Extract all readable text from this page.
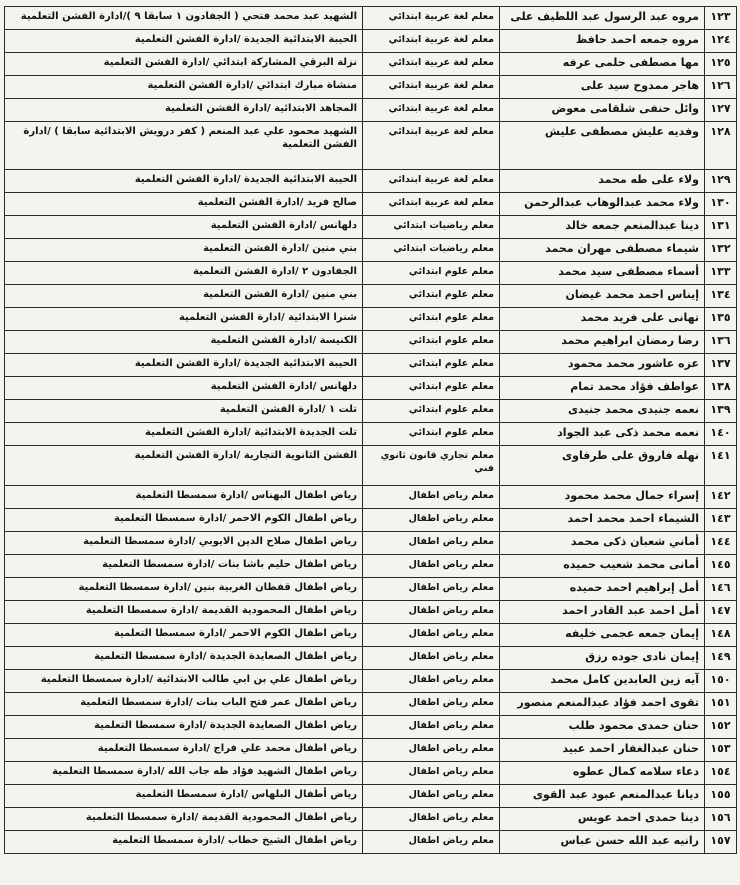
١٢٣	مروه عبد الرسول عبد اللطيف على	معلم لغة عربية ابتدائي	الشهيد عبد محمد فتحي ( الجفادون ١ سابقا ٩ )/ادارة الفشن التعلمية
١٢٤	مروه جمعه احمد حافظ	معلم لغة عربية ابتدائي	الحيبة الابتدائية الجديدة /ادارة الفشن التعلمية
١٢٥	مها مصطفى حلمى عرفه	معلم لغة عربية ابتدائي	نزلة البرقي المشاركة ابتدائي /ادارة الفشن التعلمية
١٢٦	هاجر ممدوح سيد على	معلم لغة عربية ابتدائي	منشاة مبارك ابتدائي /ادارة الفشن التعلمية
١٢٧	وائل حنفى شلقامى معوض	معلم لغة عربية ابتدائي	المجاهد الابتدائية /ادارة الفشن التعلمية
١٢٨	وفديه عليش مصطفى عليش	معلم لغة عربية ابتدائي	الشهيد محمود علي عبد المنعم ( كفر درويش الابتدائية سابقا ) /ادارة الفشن التعلمية
١٢٩	ولاء على طه محمد	معلم لغة عربية ابتدائي	الحيبة الابتدائية الجديدة /ادارة الفشن التعلمية
١٣٠	ولاء محمد عبدالوهاب عبدالرحمن	معلم لغة عربية ابتدائي	صالح فريد /ادارة الفشن التعلمية
١٣١	دينا عبدالمنعم جمعه خالد	معلم رياضيات ابتدائي	دلهانس /ادارة الفشن التعلمية
١٣٢	شيماء مصطفى مهران محمد	معلم رياضيات ابتدائي	بني منين /ادارة الفشن التعلمية
١٣٣	أسماء مصطفى سيد محمد	معلم علوم ابتدائي	الجفادون ٢ /ادارة الفشن التعلمية
١٣٤	إيناس احمد محمد غيضان	معلم علوم ابتدائي	بني منين /ادارة الفشن التعلمية
١٣٥	تهانى على فريد محمد	معلم علوم ابتدائي	شنرا الابتدائية /ادارة الفشن التعلمية
١٣٦	رضا رمضان ابراهيم محمد	معلم علوم ابتدائي	الكنيسة /ادارة الفشن التعلمية
١٣٧	عزه عاشور محمد محمود	معلم علوم ابتدائي	الحيبة الابتدائية الجديدة /ادارة الفشن التعلمية
١٣٨	عواطف فؤاد محمد تمام	معلم علوم ابتدائي	دلهانس /ادارة الفشن التعلمية
١٣٩	نعمه جنيدى محمد جنيدى	معلم علوم ابتدائي	تلت ١ /ادارة الفشن التعلمية
١٤٠	نعمه محمد ذكى عبد الجواد	معلم علوم ابتدائي	تلت الجديدة الابتدائية /ادارة الفشن التعلمية
١٤١	نهله فاروق على طرفاوى	معلم تجاري قانون ثانوي فني	الفشن الثانوية التجارية /ادارة الفشن التعلمية
١٤٢	إسراء جمال محمد محمود	معلم رياض اطفال	رياض اطفال البهناس /ادارة سمسطا التعلمية
١٤٣	الشيماء احمد محمد احمد	معلم رياض اطفال	رياض اطفال الكوم الاحمر /ادارة سمسطا التعلمية
١٤٤	أماني شعبان ذكى محمد	معلم رياض اطفال	رياض اطفال صلاح الدين الايوبي /ادارة سمسطا التعلمية
١٤٥	أمانى محمد شعيب حميده	معلم رياض اطفال	رياض اطفال حليم باشا بنات /ادارة سمسطا التعلمية
١٤٦	أمل إبراهيم احمد حميده	معلم رياض اطفال	رياض اطفال قفطان الغربية بنين /ادارة سمسطا التعلمية
١٤٧	أمل احمد عبد القادر احمد	معلم رياض اطفال	رياض اطفال المحمودية القديمة /ادارة سمسطا التعلمية
١٤٨	إيمان جمعه عجمى خليفه	معلم رياض اطفال	رياض اطفال الكوم الاحمر /ادارة سمسطا التعلمية
١٤٩	إيمان نادى جوده رزق	معلم رياض اطفال	رياض اطفال الصعايدة الجديدة /ادارة سمسطا التعلمية
١٥٠	آيه زين العابدين كامل محمد	معلم رياض اطفال	رياض اطفال علي بن ابي طالب الابتدائية /ادارة سمسطا التعلمية
١٥١	تقوى احمد فؤاد عبدالمنعم منصور	معلم رياض اطفال	رياض اطفال عمر فتح الباب بنات /ادارة سمسطا التعلمية
١٥٢	حنان حمدى محمود طلب	معلم رياض اطفال	رياض اطفال الصعايدة الجديدة /ادارة سمسطا التعلمية
١٥٣	حنان عبدالغفار احمد عبيد	معلم رياض اطفال	رياض اطفال محمد علي فراج /ادارة سمسطا التعلمية
١٥٤	دعاء سلامه كمال عطوه	معلم رياض اطفال	رياض اطفال الشهيد فؤاد طه جاب الله /ادارة سمسطا التعلمية
١٥٥	ديانا عبدالمنعم عبود عبد القوى	معلم رياض اطفال	رياض أطفال البلهاس /ادارة سمسطا التعلمية
١٥٦	دينا حمدى احمد عويس	معلم رياض اطفال	رياض اطفال المحمودية القديمة /ادارة سمسطا التعلمية
١٥٧	رانيه عبد الله حسن عباس	معلم رياض اطفال	رياض اطفال الشيخ خطاب /ادارة سمسطا التعلمية
